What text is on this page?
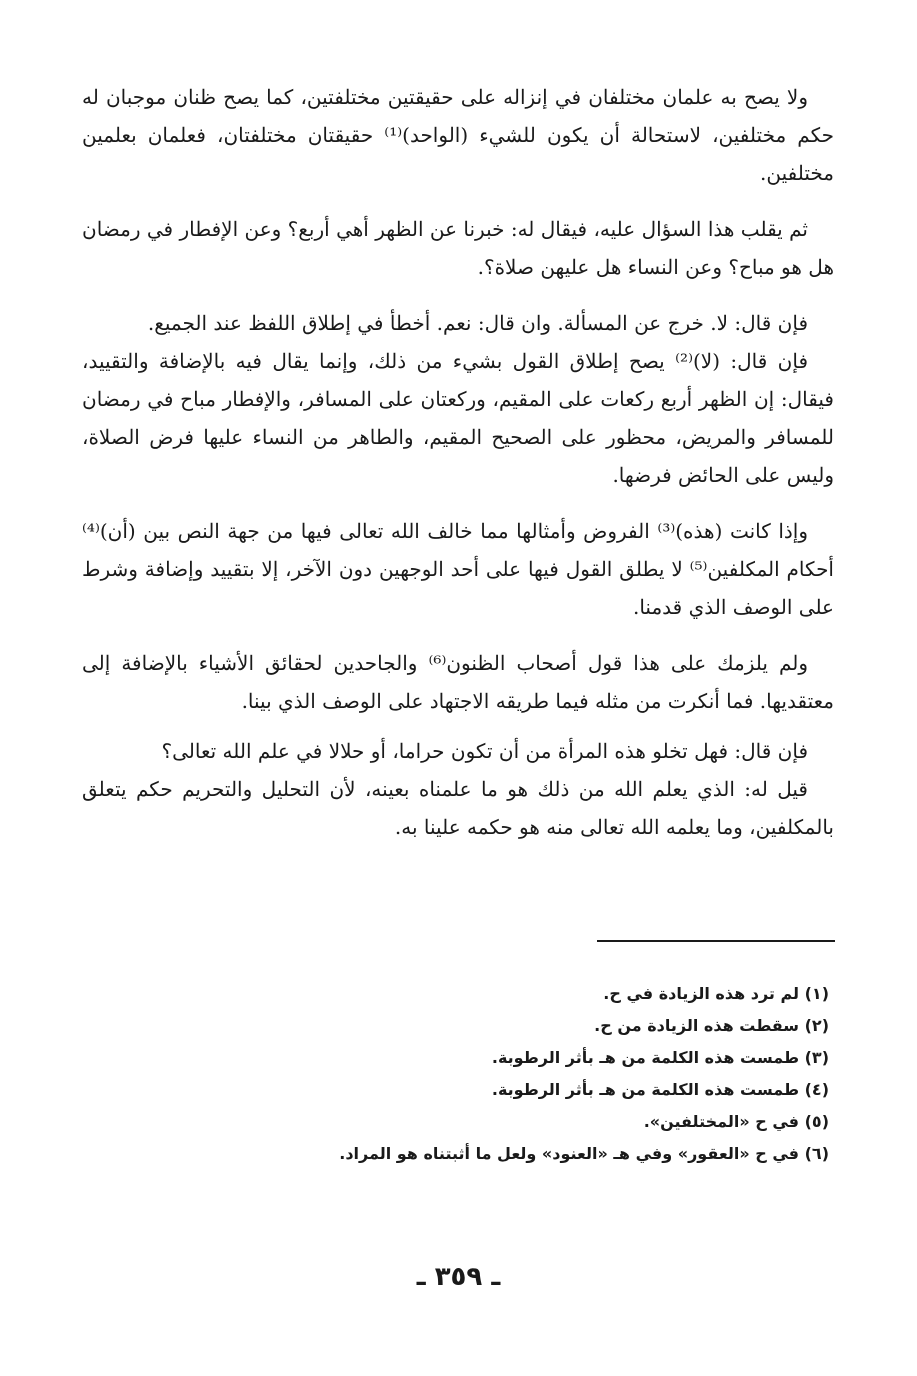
ولا يصح به علمان مختلفان في إنزاله على حقيقتين مختلفتين، كما يصح ظنان موجبان له حكم مختلفين، لاستحالة أن يكون للشيء (الواحد)⁽¹⁾ حقيقتان مختلفتان، فعلمان بعلمين مختلفين.

ثم يقلب هذا السؤال عليه، فيقال له: خبرنا عن الظهر أهي أربع؟ وعن الإفطار في رمضان هل هو مباح؟ وعن النساء هل عليهن صلاة؟.

فإن قال: لا. خرج عن المسألة. وان قال: نعم. أخطأ في إطلاق اللفظ عند الجميع.

فإن قال: (لا)⁽²⁾ يصح إطلاق القول بشيء من ذلك، وإنما يقال فيه بالإضافة والتقييد، فيقال: إن الظهر أربع ركعات على المقيم، وركعتان على المسافر، والإفطار مباح في رمضان للمسافر والمريض، محظور على الصحيح المقيم، والطاهر من النساء عليها فرض الصلاة، وليس على الحائض فرضها.

وإذا كانت (هذه)⁽³⁾ الفروض وأمثالها مما خالف الله تعالى فيها من جهة النص بين (أن)⁽⁴⁾ أحكام المكلفين⁽⁵⁾ لا يطلق القول فيها على أحد الوجهين دون الآخر، إلا بتقييد وإضافة وشرط على الوصف الذي قدمنا.

ولم يلزمك على هذا قول أصحاب الظنون⁽⁶⁾ والجاحدين لحقائق الأشياء بالإضافة إلى معتقديها. فما أنكرت من مثله فيما طريقه الاجتهاد على الوصف الذي بينا.

فإن قال: فهل تخلو هذه المرأة من أن تكون حراما، أو حلالا في علم الله تعالى؟

قيل له: الذي يعلم الله من ذلك هو ما علمناه بعينه، لأن التحليل والتحريم حكم يتعلق بالمكلفين، وما يعلمه الله تعالى منه هو حكمه علينا به.

(١) لم ترد هذه الزيادة في ح.
(٢) سقطت هذه الزيادة من ح.
(٣) طمست هذه الكلمة من هـ بأثر الرطوبة.
(٤) طمست هذه الكلمة من هـ بأثر الرطوبة.
(٥) في ح «المختلفين».
(٦) في ح «العقور» وفي هـ «العنود» ولعل ما أثبتناه هو المراد.
ـ ٣٥٩ ـ
